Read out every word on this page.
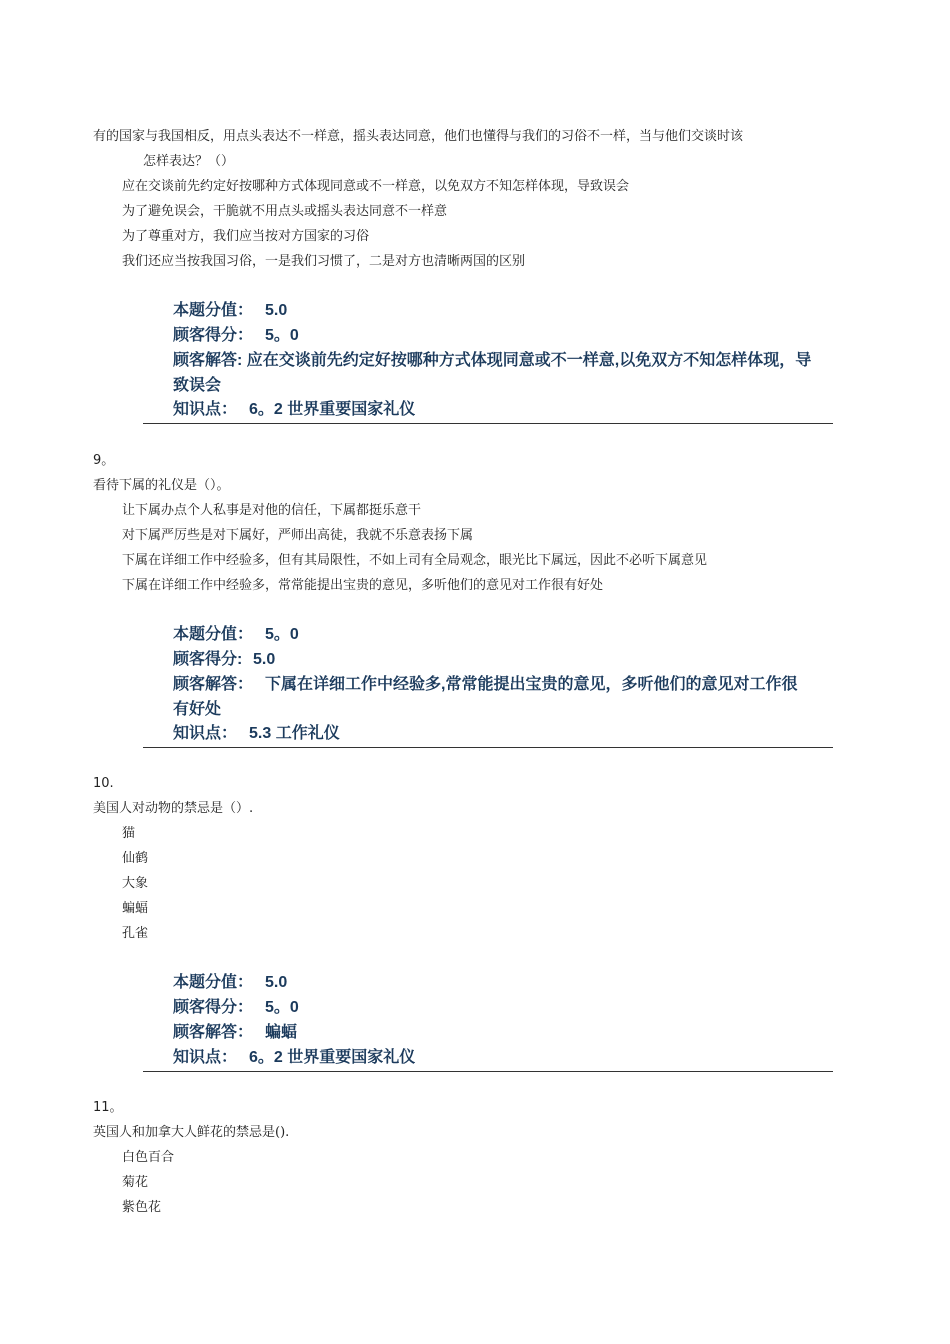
有的国家与我国相反，用点头表达不一样意，摇头表达同意，他们也懂得与我们的习俗不一样，当与他们交谈时该
怎样表达？（）
应在交谈前先约定好按哪种方式体现同意或不一样意，以免双方不知怎样体现，导致误会
为了避免误会，干脆就不用点头或摇头表达同意不一样意
为了尊重对方，我们应当按对方国家的习俗
我们还应当按我国习俗，一是我们习惯了，二是对方也清晰两国的区别
本题分值： 5.0
顾客得分： 5。0
顾客解答: 应在交谈前先约定好按哪种方式体现同意或不一样意,以免双方不知怎样体现，导致误会
知识点： 6。2 世界重要国家礼仪
9。
看待下属的礼仪是（）。
让下属办点个人私事是对他的信任，下属都挺乐意干
对下属严厉些是对下属好，严师出高徒，我就不乐意表扬下属
下属在详细工作中经验多，但有其局限性，不如上司有全局观念，眼光比下属远，因此不必听下属意见
下属在详细工作中经验多，常常能提出宝贵的意见，多听他们的意见对工作很有好处
本题分值： 5。0
顾客得分: 5.0
顾客解答： 下属在详细工作中经验多,常常能提出宝贵的意见，多听他们的意见对工作很有好处
知识点： 5.3 工作礼仪
10.
美国人对动物的禁忌是（）.
猫
仙鹤
大象
蝙蝠
孔雀
本题分值： 5.0
顾客得分： 5。0
顾客解答： 蝙蝠
知识点： 6。2 世界重要国家礼仪
11。
英国人和加拿大人鲜花的禁忌是().
白色百合
菊花
紫色花
